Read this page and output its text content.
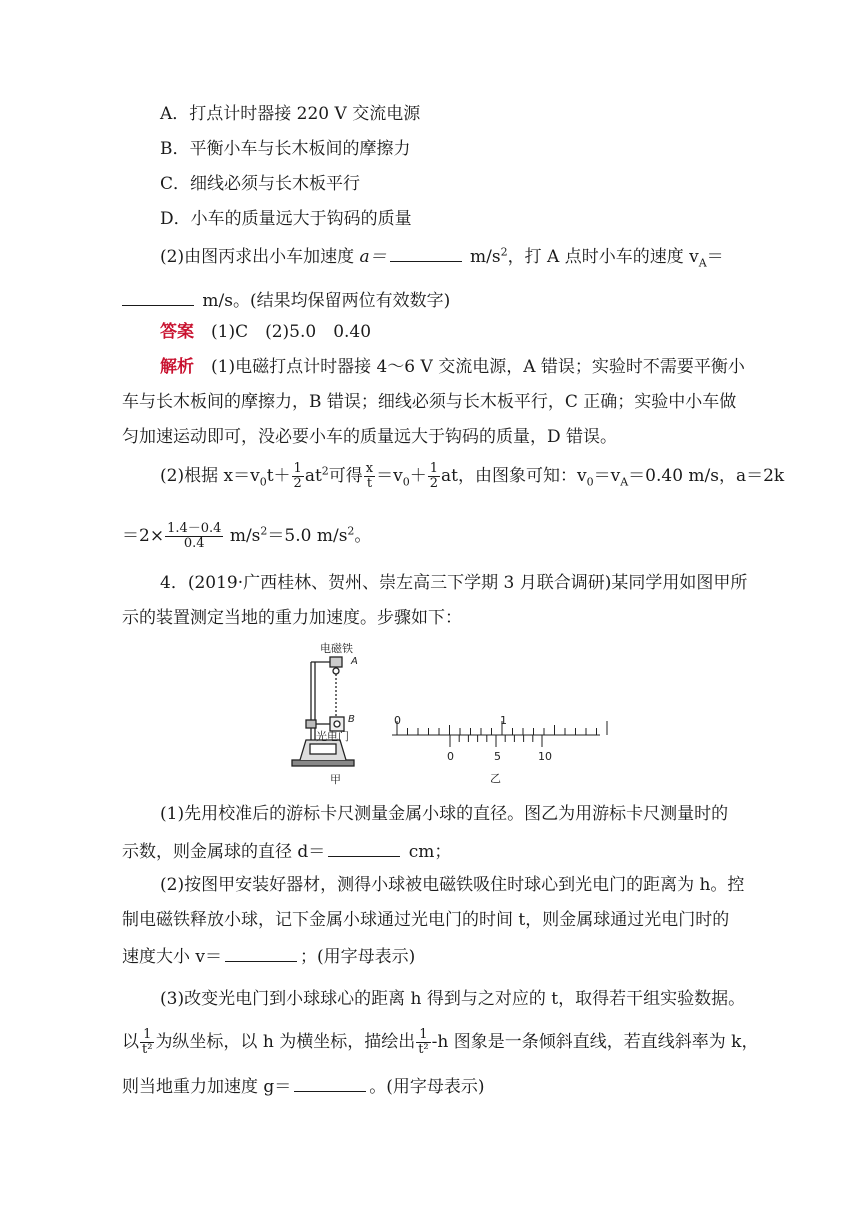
A．打点计时器接 220 V 交流电源
B．平衡小车与长木板间的摩擦力
C．细线必须与长木板平行
D．小车的质量远大于钩码的质量
(2)由图丙求出小车加速度 a＝	$m/s^2$，打 A 点时小车的速度 $v_A=$
m/s。(结果均保留两位有效数字)
答案　 (1)C　(2)5.0　0.40
解析　 (1)电磁打点计时器接 4～6 V 交流电源，A 错误；实验时不需要平衡小
车与长木板间的摩擦力，B 错误；细线必须与长木板平行，C 正确；实验中小车做
匀加速运动即可，没必要小车的质量远大于钩码的质量，D 错误。
(2)根据 $x=v_0t+ \frac{1}{2} at^2$可得 $\frac{x}{t} =v_0+ \frac{1}{2}$ at，由图象可知：$v_0=v_A=0.40$ m/s，a＝2k
$=2\times \frac{1.4-0.4}{0.4} m/s^2=5.0$ $m/s^2$。
4．(2019·广西桂林、贺州、崇左高三下学期 3 月联合调研)某同学用如图甲所
示的装置测定当地的重力加速度。步骤如下：
电磁铁
A
B
光电门
甲
0	1
0	5	10
乙
(1)先用校准后的游标卡尺测量金属小球的直径。图乙为用游标卡尺测量时的
示数，则金属球的直径 d＝	cm；
(2)按图甲安装好器材，测得小球被电磁铁吸住时球心到光电门的距离为 h。控
制电磁铁释放小球，记下金属小球通过光电门的时间 t，则金属球通过光电门时的
速度大小 v＝	；(用字母表示)
(3)改变光电门到小球球心的距离 h 得到与之对应的 t，取得若干组实验数据。
以 $\frac{1}{\text{t²}}$ 为纵坐标，以 h 为横坐标，描绘出 $\frac{1}{\text{t²}} -h$ 图象是一条倾斜直线，若直线斜率为 k，
则当地重力加速度 g＝	。(用字母表示)
